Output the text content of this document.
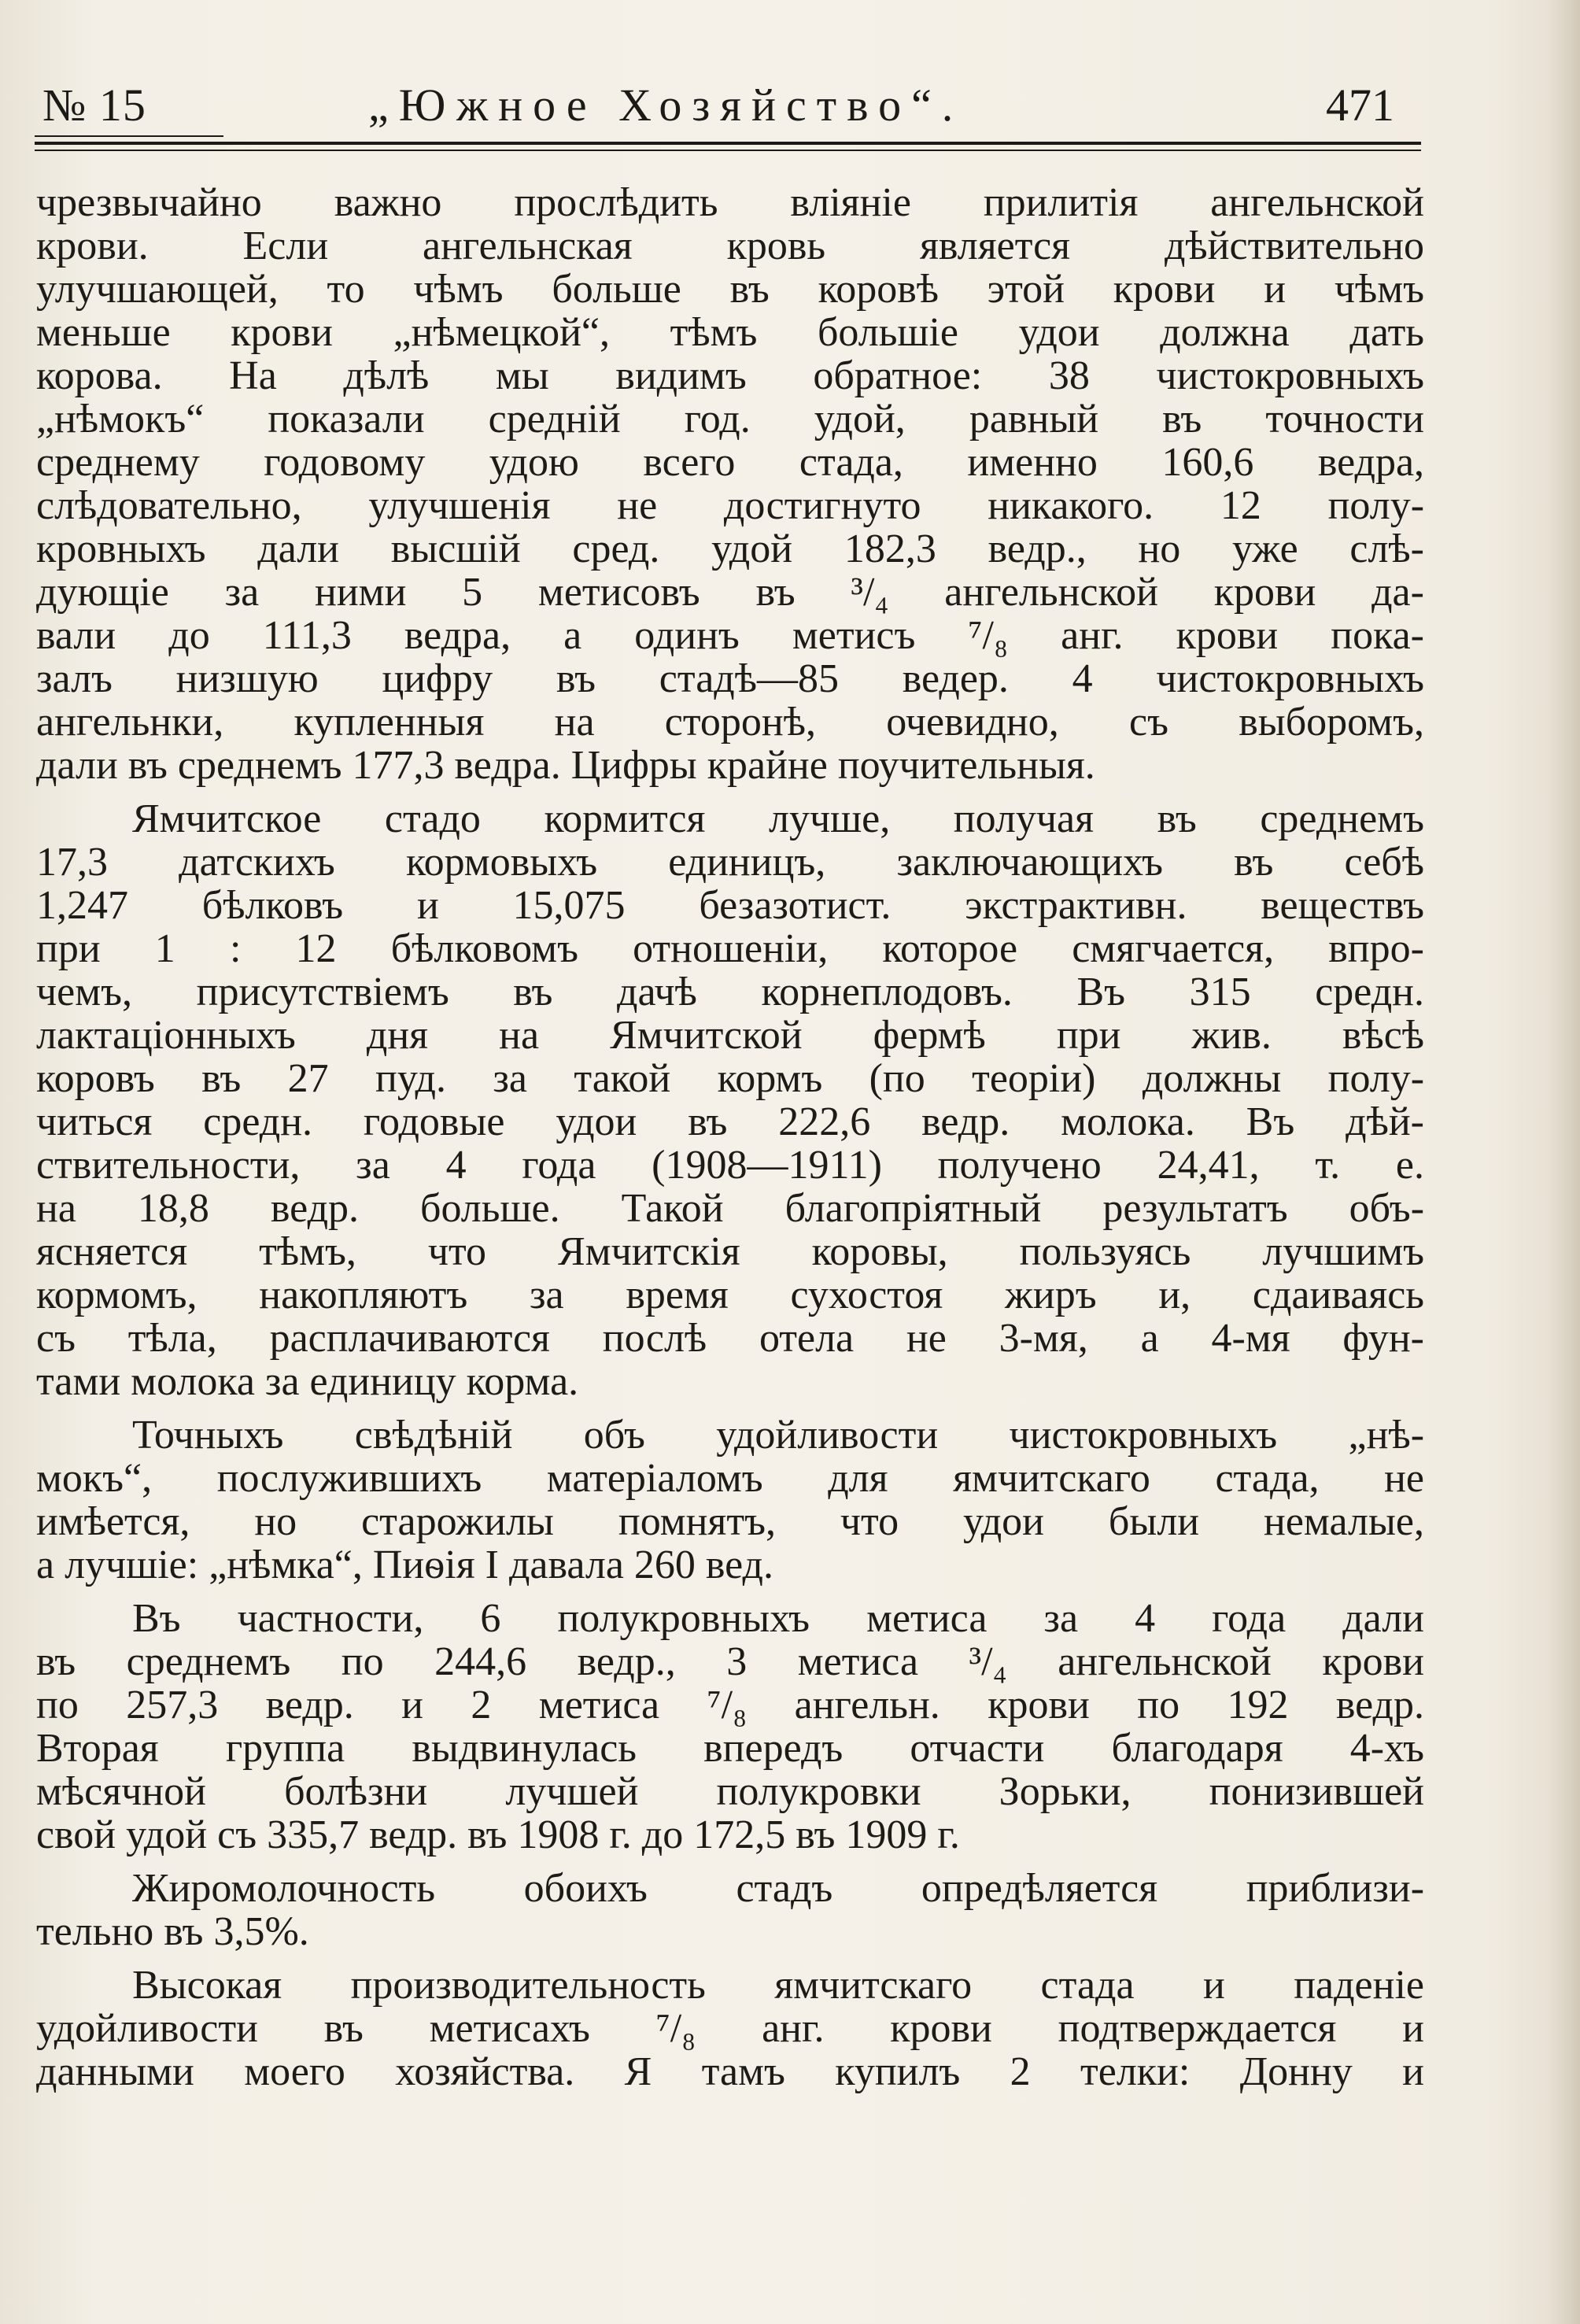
№ 15	„Южное Хозяйство“.	471
чрезвычайно важно прослѣдить вліяніе прилитія ангельнской
крови. Если ангельнская кровь является дѣйствительно
улучшающей, то чѣмъ больше въ коровѣ этой крови и чѣмъ
меньше крови „нѣмецкой“, тѣмъ большіе удои должна дать
корова. На дѣлѣ мы видимъ обратное: 38 чистокровныхъ
„нѣмокъ“ показали средній год. удой, равный въ точности
среднему годовому удою всего стада, именно 160,6 ведра,
слѣдовательно, улучшенія не достигнуто никакого. 12 полу-
кровныхъ дали высшій сред. удой 182,3 ведр., но уже слѣ-
дующіе за ними 5 метисовъ въ ³/₄ ангельнской крови да-
вали до 111,3 ведра, а одинъ метисъ ⁷/₈ анг. крови пока-
залъ низшую цифру въ стадѣ—85 ведер. 4 чистокровныхъ
ангельнки, купленныя на сторонѣ, очевидно, съ выборомъ,
дали въ среднемъ 177,3 ведра. Цифры крайне поучительныя.
Ямчитское стадо кормится лучше, получая въ среднемъ
17,3 датскихъ кормовыхъ единицъ, заключающихъ въ себѣ
1,247 бѣлковъ и 15,075 безазотист. экстрактивн. веществъ
при 1 : 12 бѣлковомъ отношеніи, которое смягчается, впро-
чемъ, присутствіемъ въ дачѣ корнеплодовъ. Въ 315 средн.
лактаціонныхъ дня на Ямчитской фермѣ при жив. вѣсѣ
коровъ въ 27 пуд. за такой кормъ (по теоріи) должны полу-
читься средн. годовые удои въ 222,6 ведр. молока. Въ дѣй-
ствительности, за 4 года (1908—1911) получено 24,41, т. е.
на 18,8 ведр. больше. Такой благопріятный результатъ объ-
ясняется тѣмъ, что Ямчитскія коровы, пользуясь лучшимъ
кормомъ, накопляютъ за время сухостоя жиръ и, сдаиваясь
съ тѣла, расплачиваются послѣ отела не 3-мя, а 4-мя фун-
тами молока за единицу корма.
Точныхъ свѣдѣній объ удойливости чистокровныхъ „нѣ-
мокъ“, послужившихъ матеріаломъ для ямчитскаго стада, не
имѣется, но старожилы помнятъ, что удои были немалые,
а лучшіе: „нѣмка“, Пиѳія I давала 260 вед.
Въ частности, 6 полукровныхъ метиса за 4 года дали
въ среднемъ по 244,6 ведр., 3 метиса ³/₄ ангельнской крови
по 257,3 ведр. и 2 метиса ⁷/₈ ангельн. крови по 192 ведр.
Вторая группа выдвинулась впередъ отчасти благодаря 4-хъ
мѣсячной болѣзни лучшей полукровки Зорьки, понизившей
свой удой съ 335,7 ведр. въ 1908 г. до 172,5 въ 1909 г.
Жиромолочность обоихъ стадъ опредѣляется приблизи-
тельно въ 3,5%.
Высокая производительность ямчитскаго стада и паденіе
удойливости въ метисахъ ⁷/₈ анг. крови подтверждается и
данными моего хозяйства. Я тамъ купилъ 2 телки: Донну и
